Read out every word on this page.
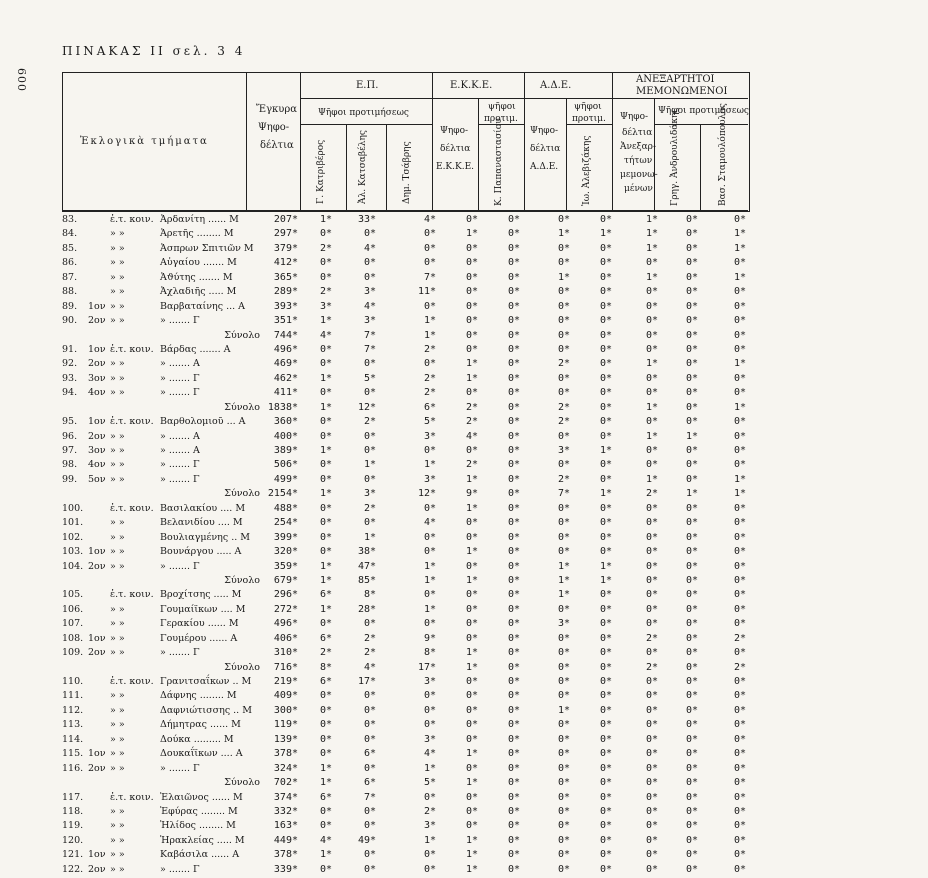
600
ΠΙΝΑΚΑΣ II σελ. 3 4
Ἐκλογικὰ τμήματα
Ἔγκυρα
Ψηφο-
δέλτια
Ε.Π.
Ψῆφοι προτιμήσεως
Γ. Κατριβέρος	Ἀλ. Κατσαβέλης	Δημ. Τσάβρης
Ε.Κ.Κ.Ε.
Ψηφο-
δέλτια
Ε.Κ.Κ.Ε.
ψῆφοι
προτιμ.
Κ. Παπαναστασίου
Α.Δ.Ε.
Ψηφο-
δέλτια
Α.Δ.Ε.
ψῆφοι
προτιμ.
Ἰω. Ἀλεβιζάκης
ΑΝΕΞΑΡΤΗΤΟΙ
ΜΕΜΟΝΩΜΕΝΟΙ
Ψηφο-
δέλτια
Ἀνεξαρ-
τήτων
μεμονω-
μένων
Ψῆφοι προτιμήσεως
Γρηγ. Ἀνδρουλιδάκης	Βασ. Σταμουλόπουλος
83.	ἐ.τ. κοιν. Ἀρδανίτη ...... Μ	207*	1*	33*	4*	0*	0*	0*	0*	1*	0*	0*
84.	» »	Ἀρετῆς ........ Μ	297*	0*	0*	0*	1*	0*	1*	1*	1*	0*	1*
85.	» »	Ἀσπρων Σπιτιῶν Μ	379*	2*	4*	0*	0*	0*	0*	0*	1*	0*	1*
86.	» »	Αὐγαίου ....... Μ	412*	0*	0*	0*	0*	0*	0*	0*	0*	0*	0*
87.	» »	Ἀϑύτης ....... Μ	365*	0*	0*	7*	0*	0*	1*	0*	1*	0*	1*
88.	» »	Ἀχλαδιῆς ..... Μ	289*	2*	3*	11*	0*	0*	0*	0*	0*	0*	0*
89.	1ον » »	Βαρβαταίνης ... Α	393*	3*	4*	0*	0*	0*	0*	0*	0*	0*	0*
90.	2ον » »	» ....... Γ	351*	1*	3*	1*	0*	0*	0*	0*	0*	0*	0*
Σύνολο	744*	4*	7*	1*	0*	0*	0*	0*	0*	0*	0*
91.	1ον ἐ.τ. κοιν. Βάρδας ....... Α	496*	0*	7*	2*	0*	0*	0*	0*	0*	0*	0*
92.	2ον » »	» ....... Α	469*	0*	0*	0*	1*	0*	2*	0*	1*	0*	1*
93.	3ον » »	» ....... Γ	462*	1*	5*	2*	1*	0*	0*	0*	0*	0*	0*
94.	4ον » »	» ....... Γ	411*	0*	0*	2*	0*	0*	0*	0*	0*	0*	0*
Σύνολο 1838*	1*	12*	6*	2*	0*	2*	0*	1*	0*	1*
95.	1ον ἐ.τ. κοιν. Βαρθολομιοῦ ... Α	360*	0*	2*	5*	2*	0*	2*	0*	0*	0*	0*
96.	2ον » »	» ....... Α	400*	0*	0*	3*	4*	0*	0*	0*	1*	1*	0*
97.	3ον » »	» ....... Α	389*	1*	0*	0*	0*	0*	3*	1*	0*	0*	0*
98.	4ον » »	» ....... Γ	506*	0*	1*	1*	2*	0*	0*	0*	0*	0*	0*
99.	5ον » »	» ....... Γ	499*	0*	0*	3*	1*	0*	2*	0*	1*	0*	1*
Σύνολο 2154*	1*	3*	12*	9*	0*	7*	1*	2*	1*	1*
100.	ἐ.τ. κοιν. Βασιλακίου .... Μ	488*	0*	2*	0*	1*	0*	0*	0*	0*	0*	0*
101.	» »	Βελανιδίου .... Μ	254*	0*	0*	4*	0*	0*	0*	0*	0*	0*	0*
102.	» »	Βουλιαγμένης .. Μ	399*	0*	1*	0*	0*	0*	0*	0*	0*	0*	0*
103. 1ον » »	Βουνάργου ..... Α	320*	0*	38*	0*	1*	0*	0*	0*	0*	0*	0*
104. 2ον » »	» ....... Γ	359*	1*	47*	1*	0*	0*	1*	1*	0*	0*	0*
Σύνολο	679*	1*	85*	1*	1*	0*	1*	1*	0*	0*	0*
105.	ἐ.τ. κοιν. Βροχίτσης ..... Μ	296*	6*	8*	0*	0*	0*	1*	0*	0*	0*	0*
106.	» »	Γουμαίϊκων .... Μ	272*	1*	28*	1*	0*	0*	0*	0*	0*	0*	0*
107.	» »	Γερακίου ...... Μ	496*	0*	0*	0*	0*	0*	3*	0*	0*	0*	0*
108. 1ον » »	Γουμέρου ...... Α	406*	6*	2*	9*	0*	0*	0*	0*	2*	0*	2*
109. 2ον » »	» ....... Γ	310*	2*	2*	8*	1*	0*	0*	0*	0*	0*	0*
Σύνολο	716*	8*	4*	17*	1*	0*	0*	0*	2*	0*	2*
110.	ἐ.τ. κοιν. Γρανιτσαΐκων .. Μ	219*	6*	17*	3*	0*	0*	0*	0*	0*	0*	0*
111.	» »	Δάφνης ........ Μ	409*	0*	0*	0*	0*	0*	0*	0*	0*	0*	0*
112.	» »	Δαφνιώτισσης .. Μ	300*	0*	0*	0*	0*	0*	1*	0*	0*	0*	0*
113.	» »	Δήμητρας ...... Μ	119*	0*	0*	0*	0*	0*	0*	0*	0*	0*	0*
114.	» »	Δούκα ......... Μ	139*	0*	0*	3*	0*	0*	0*	0*	0*	0*	0*
115. 1ον » »	Δουκαΐϊκων .... Α	378*	0*	6*	4*	1*	0*	0*	0*	0*	0*	0*
116. 2ον » »	» ....... Γ	324*	1*	0*	1*	0*	0*	0*	0*	0*	0*	0*
Σύνολο	702*	1*	6*	5*	1*	0*	0*	0*	0*	0*	0*
117.	ἐ.τ. κοιν. Ἐλαιῶνος ...... Μ	374*	6*	7*	0*	0*	0*	0*	0*	0*	0*	0*
118.	» »	Ἐφύρας ........ Μ	332*	0*	0*	2*	0*	0*	0*	0*	0*	0*	0*
119.	» »	Ἠλίδος ........ Μ	163*	0*	0*	3*	0*	0*	0*	0*	0*	0*	0*
120.	» »	Ἡρακλείας ..... Μ	449*	4*	49*	1*	1*	0*	0*	0*	0*	0*	0*
121. 1ον » »	Καβάσιλα ...... Α	378*	1*	0*	0*	1*	0*	0*	0*	0*	0*	0*
122. 2ον » »	» ....... Γ	339*	0*	0*	0*	1*	0*	0*	0*	0*	0*	0*
